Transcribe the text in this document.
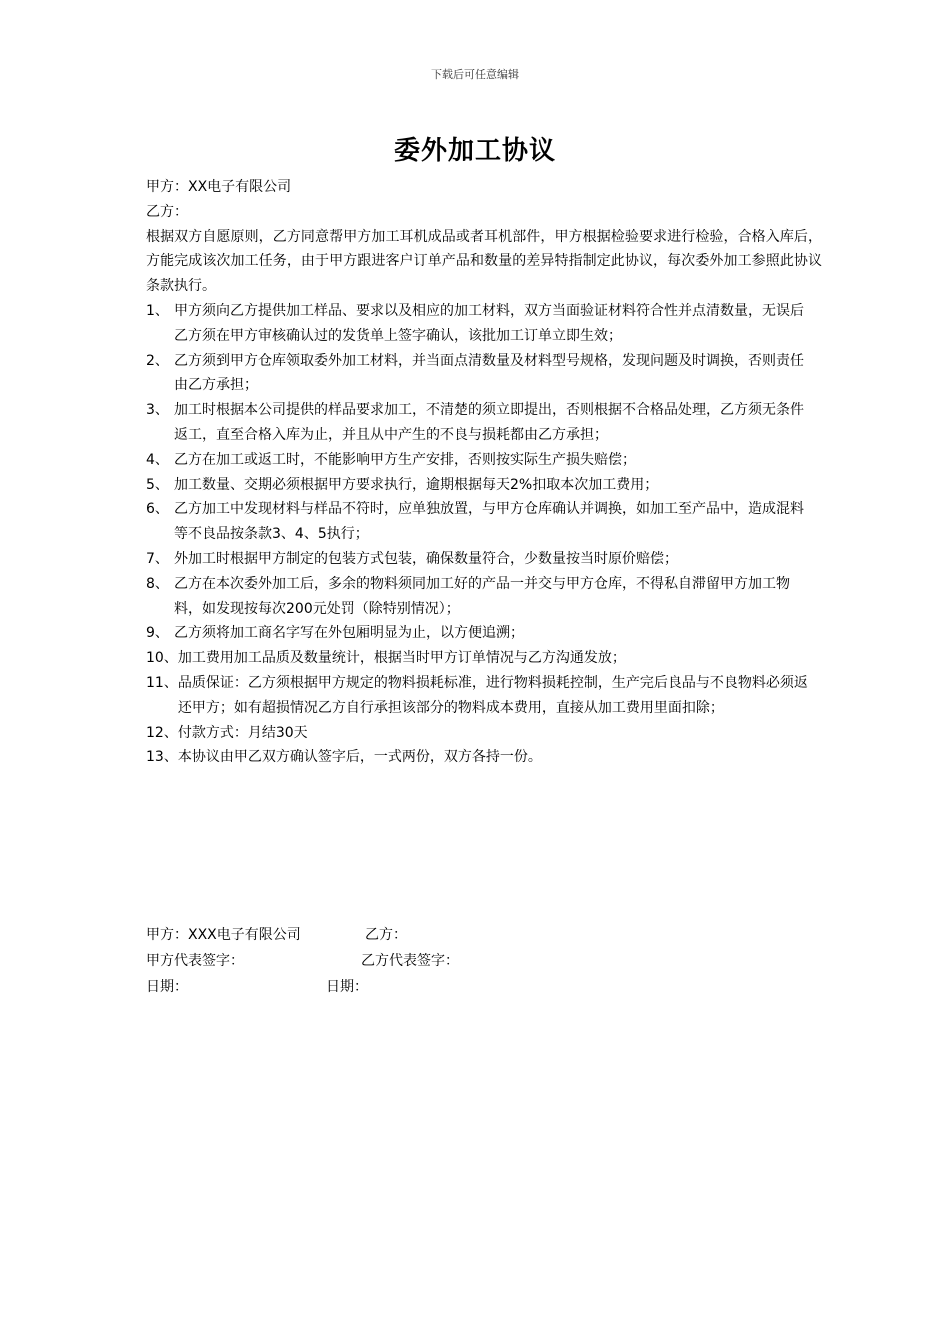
下载后可任意编辑
委外加工协议
甲方：XX电子有限公司
乙方：
根据双方自愿原则，乙方同意帮甲方加工耳机成品或者耳机部件，甲方根据检验要求进行检验，合格入库后，方能完成该次加工任务，由于甲方跟进客户订单产品和数量的差异特指制定此协议，每次委外加工参照此协议条款执行。
1、 甲方须向乙方提供加工样品、要求以及相应的加工材料，双方当面验证材料符合性并点清数量，无误后乙方须在甲方审核确认过的发货单上签字确认，该批加工订单立即生效；
2、 乙方须到甲方仓库领取委外加工材料，并当面点清数量及材料型号规格，发现问题及时调换，否则责任由乙方承担；
3、 加工时根据本公司提供的样品要求加工，不清楚的须立即提出，否则根据不合格品处理，乙方须无条件返工，直至合格入库为止，并且从中产生的不良与损耗都由乙方承担；
4、 乙方在加工或返工时，不能影响甲方生产安排，否则按实际生产损失赔偿；
5、 加工数量、交期必须根据甲方要求执行，逾期根据每天2%扣取本次加工费用；
6、 乙方加工中发现材料与样品不符时，应单独放置，与甲方仓库确认并调换，如加工至产品中，造成混料等不良品按条款3、4、5执行；
7、 外加工时根据甲方制定的包装方式包装，确保数量符合，少数量按当时原价赔偿；
8、 乙方在本次委外加工后，多余的物料须同加工好的产品一并交与甲方仓库，不得私自滞留甲方加工物料，如发现按每次200元处罚（除特别情况）；
9、 乙方须将加工商名字写在外包厢明显为止，以方便追溯；
10、 加工费用加工品质及数量统计，根据当时甲方订单情况与乙方沟通发放；
11、 品质保证：乙方须根据甲方规定的物料损耗标准，进行物料损耗控制，生产完后良品与不良物料必须返还甲方；如有超损情况乙方自行承担该部分的物料成本费用，直接从加工费用里面扣除；
12、 付款方式：月结30天
13、 本协议由甲乙双方确认签字后，一式两份，双方各持一份。
甲方：XXX电子有限公司	乙方：
甲方代表签字：	乙方代表签字：
日期：	日期：
